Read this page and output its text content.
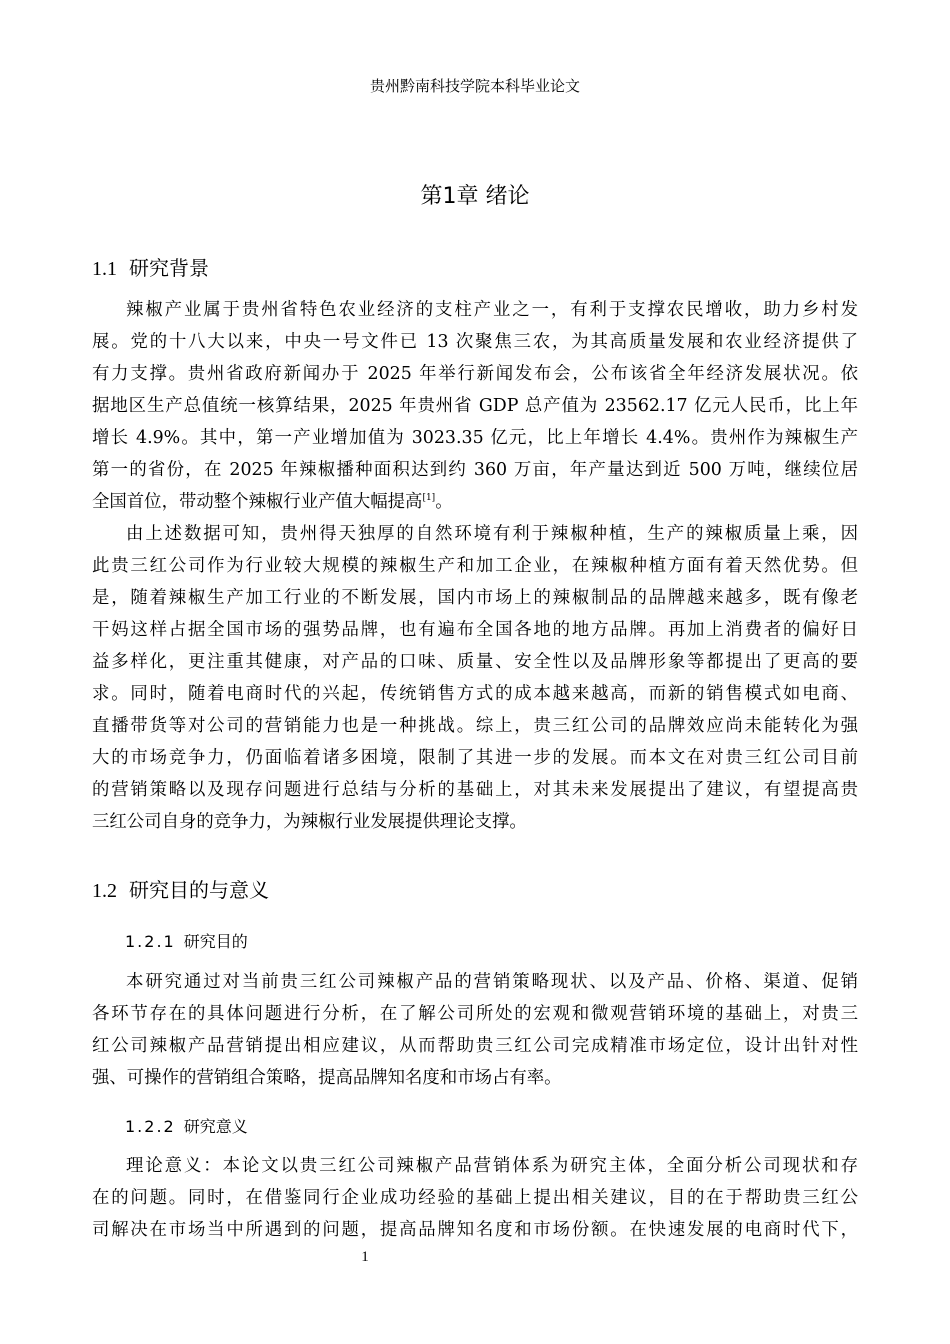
贵州黔南科技学院本科毕业论文
第1章 绪论
1.1 研究背景
辣椒产业属于贵州省特色农业经济的支柱产业之一，有利于支撑农民增收，助力乡村发
展。党的十八大以来，中央一号文件已 13 次聚焦三农，为其高质量发展和农业经济提供了
有力支撑。贵州省政府新闻办于 2025 年举行新闻发布会，公布该省全年经济发展状况。依
据地区生产总值统一核算结果，2025 年贵州省 GDP 总产值为 23562.17 亿元人民币，比上年
增长 4.9%。其中，第一产业增加值为 3023.35 亿元，比上年增长 4.4%。贵州作为辣椒生产
第一的省份，在 2025 年辣椒播种面积达到约 360 万亩，年产量达到近 500 万吨，继续位居
全国首位，带动整个辣椒行业产值大幅提高[1]。
由上述数据可知，贵州得天独厚的自然环境有利于辣椒种植，生产的辣椒质量上乘，因
此贵三红公司作为行业较大规模的辣椒生产和加工企业，在辣椒种植方面有着天然优势。但
是，随着辣椒生产加工行业的不断发展，国内市场上的辣椒制品的品牌越来越多，既有像老
干妈这样占据全国市场的强势品牌，也有遍布全国各地的地方品牌。再加上消费者的偏好日
益多样化，更注重其健康，对产品的口味、质量、安全性以及品牌形象等都提出了更高的要
求。同时，随着电商时代的兴起，传统销售方式的成本越来越高，而新的销售模式如电商、
直播带货等对公司的营销能力也是一种挑战。综上，贵三红公司的品牌效应尚未能转化为强
大的市场竞争力，仍面临着诸多困境，限制了其进一步的发展。而本文在对贵三红公司目前
的营销策略以及现存问题进行总结与分析的基础上，对其未来发展提出了建议，有望提高贵
三红公司自身的竞争力，为辣椒行业发展提供理论支撑。
1.2 研究目的与意义
1.2.1 研究目的
本研究通过对当前贵三红公司辣椒产品的营销策略现状、以及产品、价格、渠道、促销
各环节存在的具体问题进行分析，在了解公司所处的宏观和微观营销环境的基础上，对贵三
红公司辣椒产品营销提出相应建议，从而帮助贵三红公司完成精准市场定位，设计出针对性
强、可操作的营销组合策略，提高品牌知名度和市场占有率。
1.2.2 研究意义
理论意义：本论文以贵三红公司辣椒产品营销体系为研究主体，全面分析公司现状和存
在的问题。同时，在借鉴同行企业成功经验的基础上提出相关建议，目的在于帮助贵三红公
司解决在市场当中所遇到的问题，提高品牌知名度和市场份额。在快速发展的电商时代下，
1
